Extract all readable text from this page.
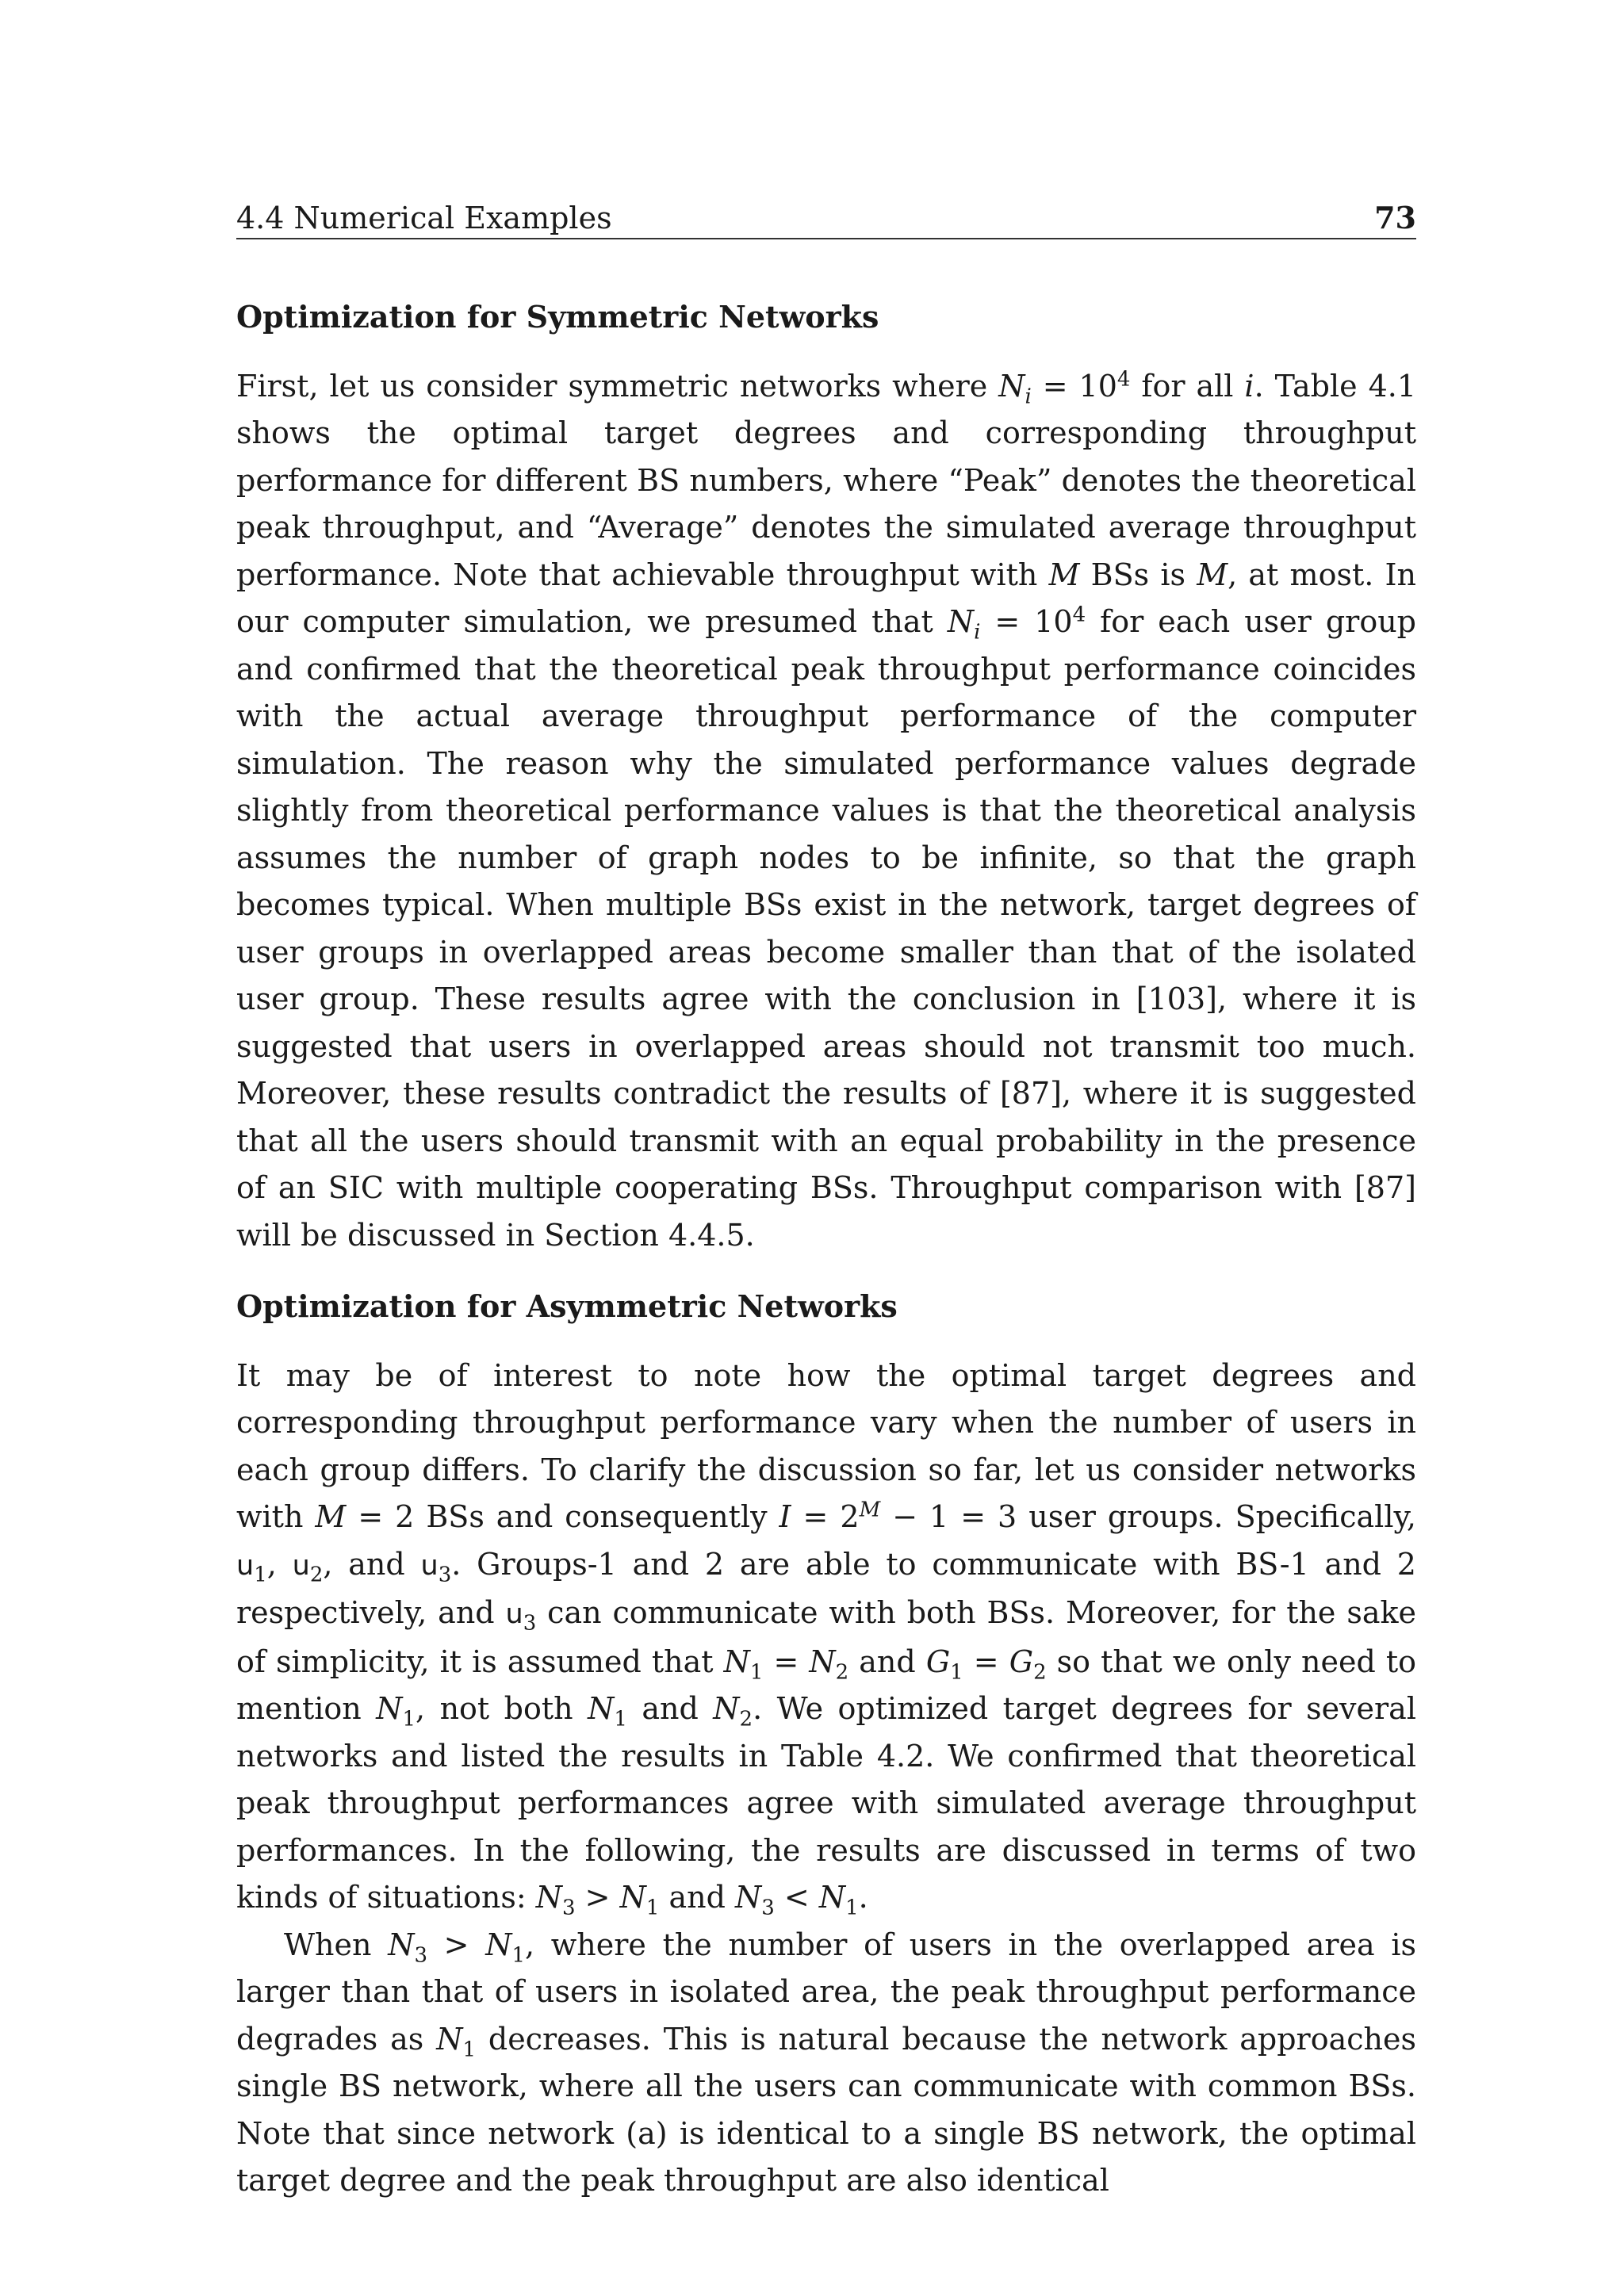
4.4 Numerical Examples	73
Optimization for Symmetric Networks

First, let us consider symmetric networks where $N_i = 10^4$ for all i. Table 4.1 shows the optimal target degrees and corresponding throughput performance for different BS numbers, where “Peak” denotes the theoretical peak throughput, and “Average” denotes the simulated average throughput performance. Note that achievable throughput with M BSs is M, at most. In our computer simulation, we presumed that $N_i = 10^4$ for each user group and confirmed that the theoretical peak throughput performance coincides with the actual average throughput performance of the computer simulation. The reason why the simulated performance values degrade slightly from theoretical performance values is that the theoretical analysis assumes the number of graph nodes to be infinite, so that the graph becomes typical. When multiple BSs exist in the network, target degrees of user groups in overlapped areas become smaller than that of the isolated user group. These results agree with the conclusion in [103], where it is suggested that users in overlapped areas should not transmit too much. Moreover, these results contradict the results of [87], where it is suggested that all the users should transmit with an equal probability in the presence of an SIC with multiple cooperating BSs. Throughput comparison with [87] will be discussed in Section 4.4.5.

Optimization for Asymmetric Networks

It may be of interest to note how the optimal target degrees and corresponding throughput performance vary when the number of users in each group differs. To clarify the discussion so far, let us consider networks with M = 2 BSs and consequently $I = 2^M - 1 = 3$ user groups. Specifically, $u_1$, $u_2$, and $u_3$. Groups-1 and 2 are able to communicate with BS-1 and 2 respectively, and $u_3$ can communicate with both BSs. Moreover, for the sake of simplicity, it is assumed that $N_1 = N_2$ and $G_1 = G_2$ so that we only need to mention $N_1$, not both $N_1$ and $N_2$. We optimized target degrees for several networks and listed the results in Table 4.2. We confirmed that theoretical peak throughput performances agree with simulated average throughput performances. In the following, the results are discussed in terms of two kinds of situations: $N_3 > N_1$ and $N_3 < N_1$.

When $N_3 > N_1$, where the number of users in the overlapped area is larger than that of users in isolated area, the peak throughput performance degrades as $N_1$ decreases. This is natural because the network approaches single BS network, where all the users can communicate with common BSs. Note that since network (a) is identical to a single BS network, the optimal target degree and the peak throughput are also identical
